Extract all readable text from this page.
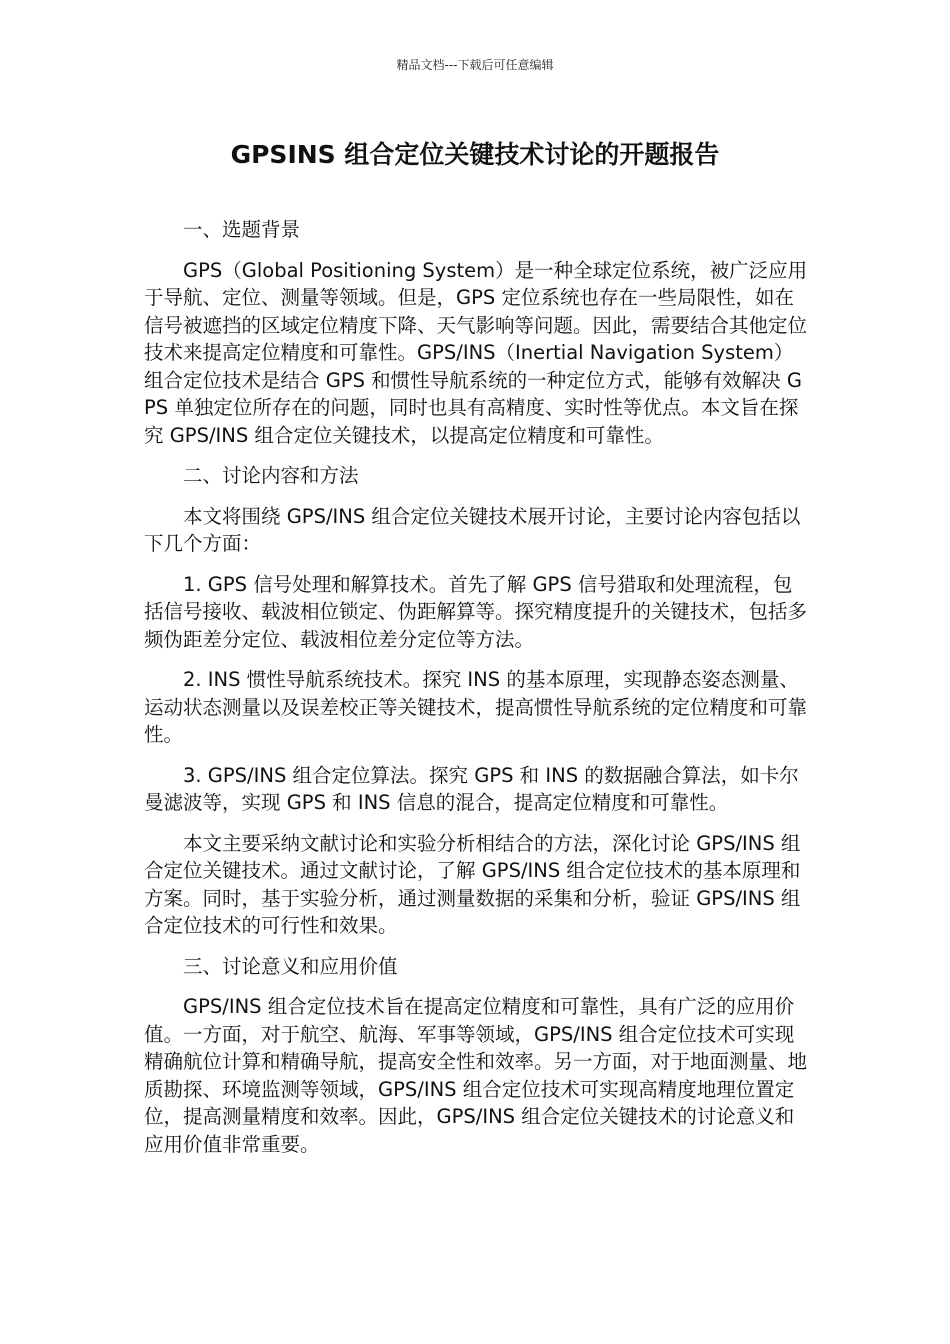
精品文档---下载后可任意编辑
GPSINS 组合定位关键技术讨论的开题报告
一、选题背景

GPS（Global Positioning System）是一种全球定位系统，被广泛应用于导航、定位、测量等领域。但是，GPS 定位系统也存在一些局限性，如在信号被遮挡的区域定位精度下降、天气影响等问题。因此，需要结合其他定位技术来提高定位精度和可靠性。GPS/INS（Inertial Navigation System）组合定位技术是结合 GPS 和惯性导航系统的一种定位方式，能够有效解决 GPS 单独定位所存在的问题，同时也具有高精度、实时性等优点。本文旨在探究 GPS/INS 组合定位关键技术，以提高定位精度和可靠性。

二、讨论内容和方法

本文将围绕 GPS/INS 组合定位关键技术展开讨论，主要讨论内容包括以下几个方面：

1. GPS 信号处理和解算技术。首先了解 GPS 信号猎取和处理流程，包括信号接收、载波相位锁定、伪距解算等。探究精度提升的关键技术，包括多频伪距差分定位、载波相位差分定位等方法。

2. INS 惯性导航系统技术。探究 INS 的基本原理，实现静态姿态测量、运动状态测量以及误差校正等关键技术，提高惯性导航系统的定位精度和可靠性。

3. GPS/INS 组合定位算法。探究 GPS 和 INS 的数据融合算法，如卡尔曼滤波等，实现 GPS 和 INS 信息的混合，提高定位精度和可靠性。

本文主要采纳文献讨论和实验分析相结合的方法，深化讨论 GPS/INS 组合定位关键技术。通过文献讨论，了解 GPS/INS 组合定位技术的基本原理和方案。同时，基于实验分析，通过测量数据的采集和分析，验证 GPS/INS 组合定位技术的可行性和效果。

三、讨论意义和应用价值

GPS/INS 组合定位技术旨在提高定位精度和可靠性，具有广泛的应用价值。一方面，对于航空、航海、军事等领域，GPS/INS 组合定位技术可实现精确航位计算和精确导航，提高安全性和效率。另一方面，对于地面测量、地质勘探、环境监测等领域，GPS/INS 组合定位技术可实现高精度地理位置定位，提高测量精度和效率。因此，GPS/INS 组合定位关键技术的讨论意义和应用价值非常重要。
